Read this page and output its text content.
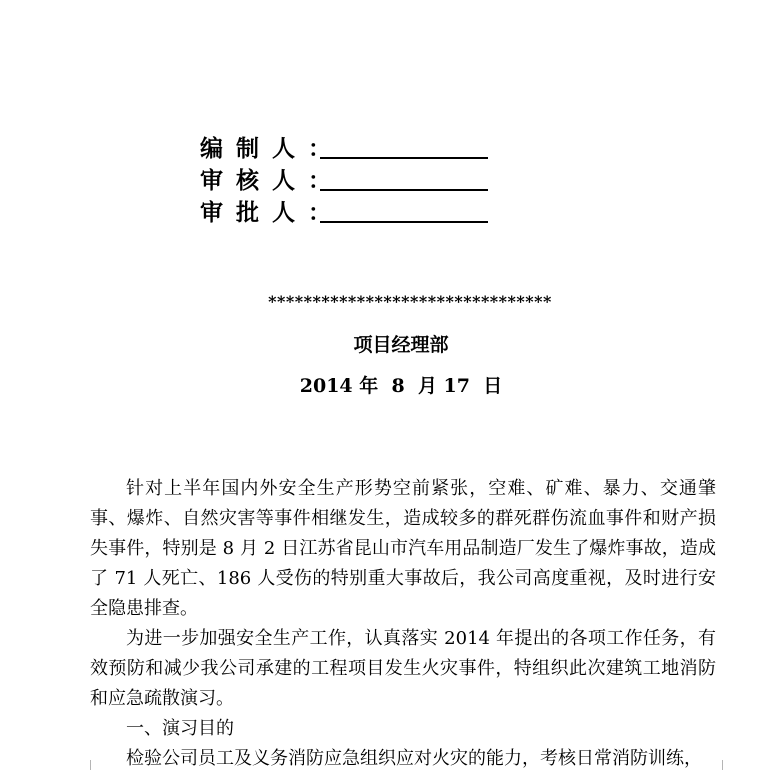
编制人：
审核人：
审批人：
********************************
项目经理部
2014 年  8  月 17  日

针对上半年国内外安全生产形势空前紧张，空难、矿难、暴力、交通肇事、爆炸、自然灾害等事件相继发生，造成较多的群死群伤流血事件和财产损失事件，特别是 8 月 2 日江苏省昆山市汽车用品制造厂发生了爆炸事故，造成了 71 人死亡、186 人受伤的特别重大事故后，我公司高度重视，及时进行安全隐患排查。

为进一步加强安全生产工作，认真落实 2014 年提出的各项工作任务，有效预防和减少我公司承建的工程项目发生火灾事件，特组织此次建筑工地消防和应急疏散演习。

一、演习目的

检验公司员工及义务消防应急组织应对火灾的能力，考核日常消防训练，
